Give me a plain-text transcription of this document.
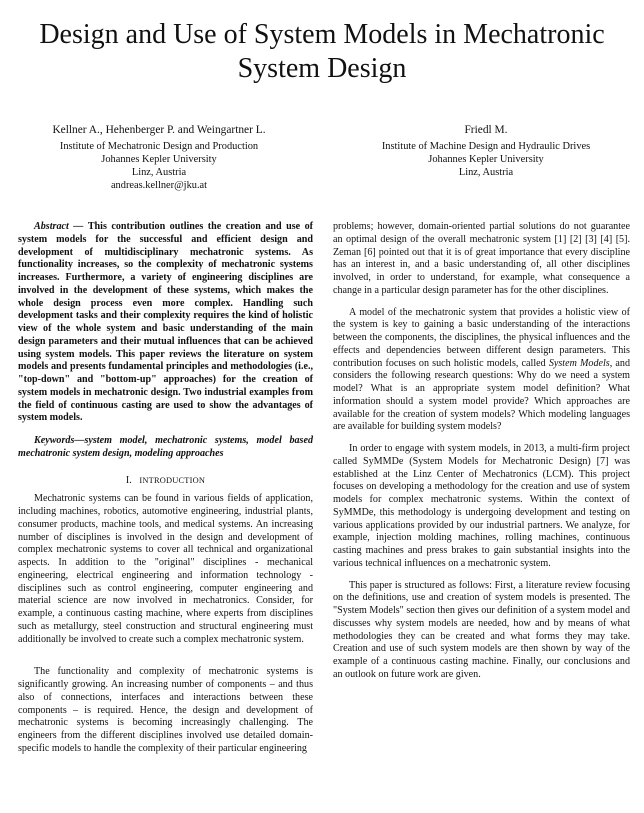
Design and Use of System Models in Mechatronic
System Design
Kellner A., Hehenberger P. and Weingartner L.
Institute of Mechatronic Design and Production
Johannes Kepler University
Linz, Austria
andreas.kellner@jku.at
Friedl M.
Institute of Machine Design and Hydraulic Drives
Johannes Kepler University
Linz, Austria

Abstract — This contribution outlines the creation and use of system models for the successful and efficient design and development of multidisciplinary mechatronic systems. As functionality increases, so the complexity of mechatronic systems increases. Furthermore, a variety of engineering disciplines are involved in the development of these systems, which makes the whole design process even more complex. Handling such development tasks and their complexity requires the kind of holistic view of the whole system and basic understanding of the main design parameters and their mutual influences that can be achieved using system models. This paper reviews the literature on system models and presents fundamental principles and methodologies (i.e., "top-down" and "bottom-up" approaches) for the creation of system models in mechatronic design. Two industrial examples from the field of continuous casting are used to show the advantages of system models.

Keywords—system model, mechatronic systems, model based mechatronic system design, modeling approaches

I. INTRODUCTION

Mechatronic systems can be found in various fields of application, including machines, robotics, automotive engineering, industrial plants, consumer products, machine tools, and medical systems. An increasing number of disciplines is involved in the design and development of complex mechatronic systems to cover all technical and organizational aspects. In addition to the "original" disciplines - mechanical engineering, electrical engineering and information technology - disciplines such as control engineering, computer engineering and material science are now involved in mechatronics. Consider, for example, a continuous casting machine, where experts from disciplines such as metallurgy, steel construction and structural engineering must additionally be involved to create such a complex mechatronic system.

The functionality and complexity of mechatronic systems is significantly growing. An increasing number of components – and thus also of connections, interfaces and interactions between these components – is required. Hence, the design and development of mechatronic systems is becoming increasingly challenging. The engineers from the different disciplines involved use detailed domain-specific models to handle the complexity of their particular engineering

problems; however, domain-oriented partial solutions do not guarantee an optimal design of the overall mechatronic system [1] [2] [3] [4] [5]. Zeman [6] pointed out that it is of great importance that every discipline has an interest in, and a basic understanding of, all other disciplines involved, in order to understand, for example, what consequence a change in a particular design parameter has for the other disciplines.

A model of the mechatronic system that provides a holistic view of the system is key to gaining a basic understanding of the interactions between the components, the disciplines, the physical influences and the effects and dependencies between different design parameters. This contribution focuses on such holistic models, called System Models, and considers the following research questions: Why do we need a system model? What is an appropriate system model definition? What information should a system model provide? Which approaches are available for the creation of system models? Which modeling languages are available for building system models?

In order to engage with system models, in 2013, a multi-firm project called SyMMDe (System Models for Mechatronic Design) [7] was established at the Linz Center of Mechatronics (LCM). This project focuses on developing a methodology for the creation and use of system models for complex mechatronic systems. Within the context of SyMMDe, this methodology is undergoing development and testing on various applications provided by our industrial partners. We analyze, for example, injection molding machines, rolling machines, continuous casting machines and press brakes to gain substantial insights into the various technical influences on a mechatronic system.

This paper is structured as follows: First, a literature review focusing on the definitions, use and creation of system models is presented. The "System Models" section then gives our definition of a system model and discusses why system models are needed, how and by means of what methodologies they can be created and what forms they may take. Creation and use of such system models are then shown by way of the example of a continuous casting machine. Finally, our conclusions and an outlook on future work are given.
